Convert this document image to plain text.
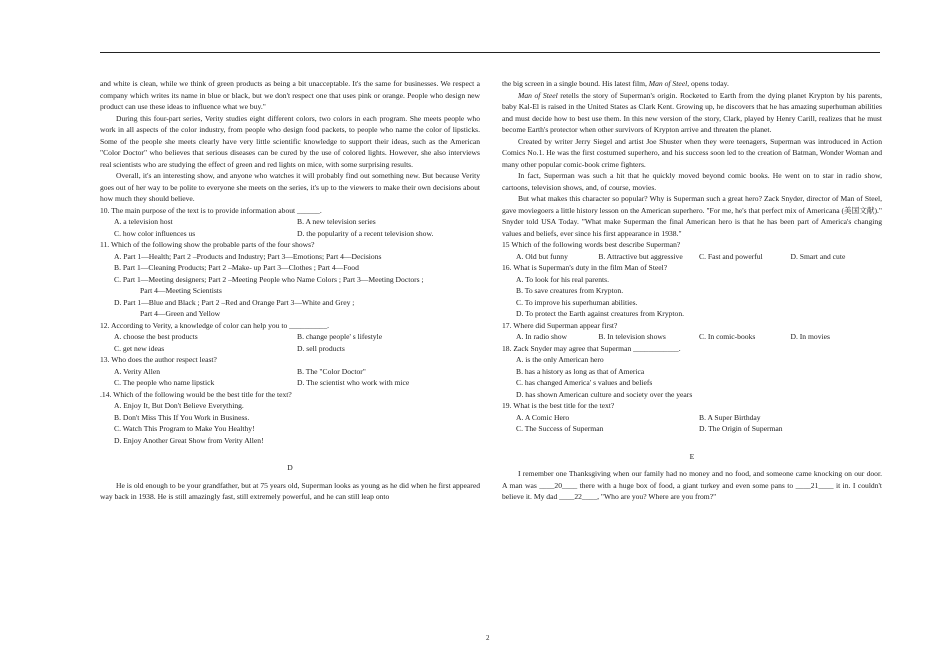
and white is clean, while we think of green products as being a bit unacceptable. It's the same for businesses. We respect a company which writes its name in blue or black, but we don't respect one that uses pink or orange. People who design new product can use these ideas to influence what we buy."

During this four-part series, Verity studies eight different colors, two colors in each program. She meets people who work in all aspects of the color industry, from people who design food packets, to people who name the color of lipsticks. Some of the people she meets clearly have very little scientific knowledge to support their ideas, such as the American "Color Doctor" who believes that serious diseases can be cured by the use of colored lights. However, she also interviews real scientists who are studying the effect of green and red lights on mice, with some surprising results.

Overall, it's an interesting show, and anyone who watches it will probably find out something new. But because Verity goes out of her way to be polite to everyone she meets on the series, it's up to the viewers to make their own decisions about how much they should believe.

10. The main purpose of the text is to provide information about ______.
A. a television host	B. A new television series
C. how color influences us	D. the popularity of a recent television show.
11. Which of the following show the probable parts of the four shows?
A. Part 1—Health; Part 2 –Products and Industry; Part 3—Emotions; Part 4—Decisions
B. Part 1—Cleaning Products; Part 2 –Make- up Part 3—Clothes ; Part 4—Food
C. Part 1—Meeting designers; Part 2 –Meeting People who Name Colors ; Part 3—Meeting Doctors ;
Part 4—Meeting Scientists
D. Part 1—Blue and Black ; Part 2 –Red and Orange Part 3—White and Grey ;
Part 4—Green and Yellow
12. According to Verity, a knowledge of color can help you to __________.
A. choose the best products	B. change people' s lifestyle
C. get new ideas	D. sell products
13. Who does the author respect least?
A. Verity Allen	B. The "Color Doctor"
C. The people who name lipstick	D. The scientist who work with mice
.14. Which of the following would be the best title for the text?
A. Enjoy It, But Don't Believe Everything.
B. Don't Miss This If You Work in Business.
C. Watch This Program to Make You Healthy!
D. Enjoy Another Great Show from Verity Allen!
D

He is old enough to be your grandfather, but at 75 years old, Superman looks as young as he did when he first appeared way back in 1938. He is still amazingly fast, still extremely powerful, and he can still leap onto

the big screen in a single bound. His latest film, Man of Steel, opens today.

Man of Steel retells the story of Superman's origin. Rocketed to Earth from the dying planet Krypton by his parents, baby Kal-El is raised in the United States as Clark Kent. Growing up, he discovers that he has amazing superhuman abilities and must decide how to best use them. In this new version of the story, Clark, played by Henry Carill, realizes that he must become Earth's protector when other survivors of Krypton arrive and threaten the planet.

Created by writer Jerry Siegel and artist Joe Shuster when they were teenagers, Superman was introduced in Action Comics No.1. He was the first costumed superhero, and his success soon led to the creation of Batman, Wonder Woman and many other popular comic-book crime fighters.

In fact, Superman was such a hit that he quickly moved beyond comic books. He went on to star in radio show, cartoons, television shows, and, of course, movies.

But what makes this character so popular? Why is Superman such a great hero? Zack Snyder, director of Man of Steel, gave moviegoers a little history lesson on the American superhero. "For me, he's that perfect mix of Americana (美国文献)." Snyder told USA Today. "What make Superman the final American hero is that he has been part of America's changing values and beliefs, ever since his first appearance in 1938."

15 Which of the following words best describe Superman?
A. Old but funny	B. Attractive but aggressive	C. Fast and powerful	D. Smart and cute
16. What is Superman's duty in the film Man of Steel?
A. To look for his real parents.
B. To save creatures from Krypton.
C. To improve his superhuman abilities.
D. To protect the Earth against creatures from Krypton.
17. Where did Superman appear first?
A. In radio show	B. In television shows	C. In comic-books	D. In movies
18. Zack Snyder may agree that Superman ____________.
A. is the only American hero
B. has a history as long as that of America
C. has changed America' s values and beliefs
D. has shown American culture and society over the years
19. What is the best title for the text?
A. A Comic Hero	B. A Super Birthday
C. The Success of Superman	D. The Origin of Superman
E

I remember one Thanksgiving when our family had no money and no food, and someone came knocking on our door. A man was ____20____ there with a huge box of food, a giant turkey and even some pans to ____21____ it in. I couldn't believe it. My dad ____22____, "Who are you? Where are you from?"

2
